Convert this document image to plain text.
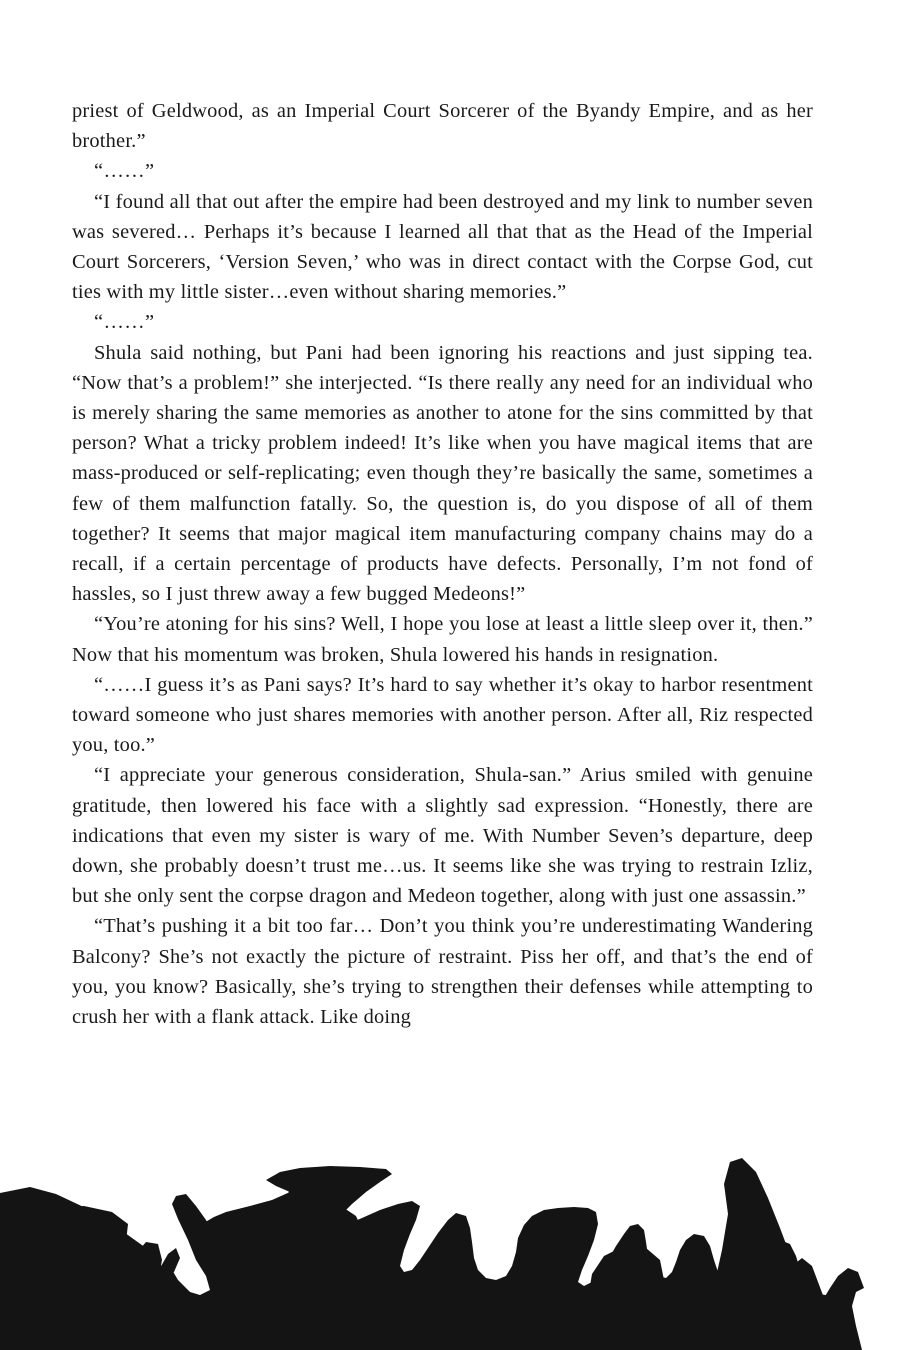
priest of Geldwood, as an Imperial Court Sorcerer of the Byandy Empire, and as her brother.”

“……”

“I found all that out after the empire had been destroyed and my link to number seven was severed… Perhaps it’s because I learned all that that as the Head of the Imperial Court Sorcerers, ‘Version Seven,’ who was in direct contact with the Corpse God, cut ties with my little sister…even without sharing memories.”

“……”

Shula said nothing, but Pani had been ignoring his reactions and just sipping tea. “Now that’s a problem!” she interjected. “Is there really any need for an individual who is merely sharing the same memories as another to atone for the sins committed by that person? What a tricky problem indeed! It’s like when you have magical items that are mass-produced or self-replicating; even though they’re basically the same, sometimes a few of them malfunction fatally. So, the question is, do you dispose of all of them together? It seems that major magical item manufacturing company chains may do a recall, if a certain percentage of products have defects. Personally, I’m not fond of hassles, so I just threw away a few bugged Medeons!”

“You’re atoning for his sins? Well, I hope you lose at least a little sleep over it, then.” Now that his momentum was broken, Shula lowered his hands in resignation.

“……I guess it’s as Pani says? It’s hard to say whether it’s okay to harbor resentment toward someone who just shares memories with another person. After all, Riz respected you, too.”

“I appreciate your generous consideration, Shula-san.” Arius smiled with genuine gratitude, then lowered his face with a slightly sad expression. “Honestly, there are indications that even my sister is wary of me. With Number Seven’s departure, deep down, she probably doesn’t trust me…us. It seems like she was trying to restrain Izliz, but she only sent the corpse dragon and Medeon together, along with just one assassin.”

“That’s pushing it a bit too far… Don’t you think you’re underestimating Wandering Balcony? She’s not exactly the picture of restraint. Piss her off, and that’s the end of you, you know? Basically, she’s trying to strengthen their defenses while attempting to crush her with a flank attack. Like doing
